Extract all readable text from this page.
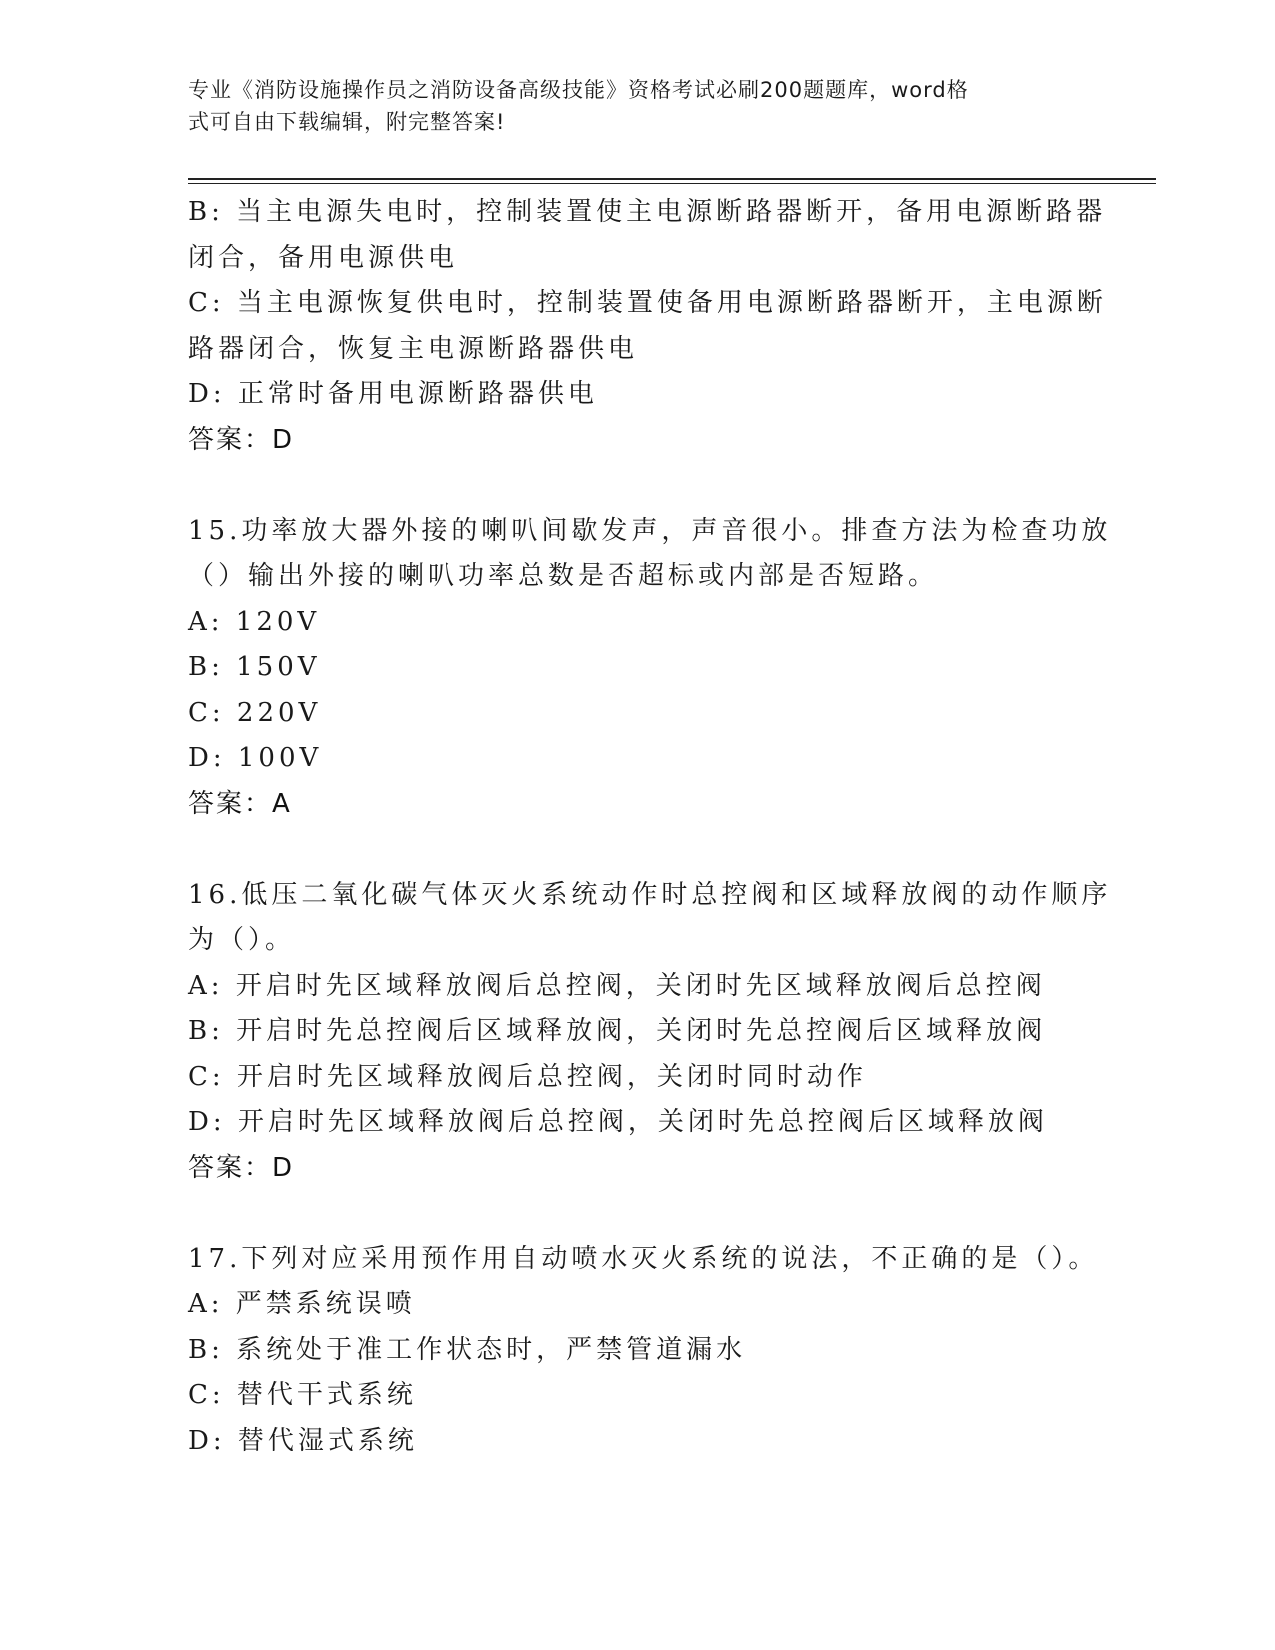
专业《消防设施操作员之消防设备高级技能》资格考试必刷200题题库，word格
式可自由下载编辑，附完整答案!
B: 当主电源失电时，控制装置使主电源断路器断开，备用电源断路器
闭合，备用电源供电
C: 当主电源恢复供电时，控制装置使备用电源断路器断开，主电源断
路器闭合，恢复主电源断路器供电
D: 正常时备用电源断路器供电
答案：D
15.功率放大器外接的喇叭间歇发声，声音很小。排查方法为检查功放
（）输出外接的喇叭功率总数是否超标或内部是否短路。
A: 120V
B: 150V
C: 220V
D: 100V
答案：A
16.低压二氧化碳气体灭火系统动作时总控阀和区域释放阀的动作顺序
为（）。
A: 开启时先区域释放阀后总控阀，关闭时先区域释放阀后总控阀
B: 开启时先总控阀后区域释放阀，关闭时先总控阀后区域释放阀
C: 开启时先区域释放阀后总控阀，关闭时同时动作
D: 开启时先区域释放阀后总控阀，关闭时先总控阀后区域释放阀
答案：D
17.下列对应采用预作用自动喷水灭火系统的说法，不正确的是（）。
A: 严禁系统误喷
B: 系统处于准工作状态时，严禁管道漏水
C: 替代干式系统
D: 替代湿式系统
